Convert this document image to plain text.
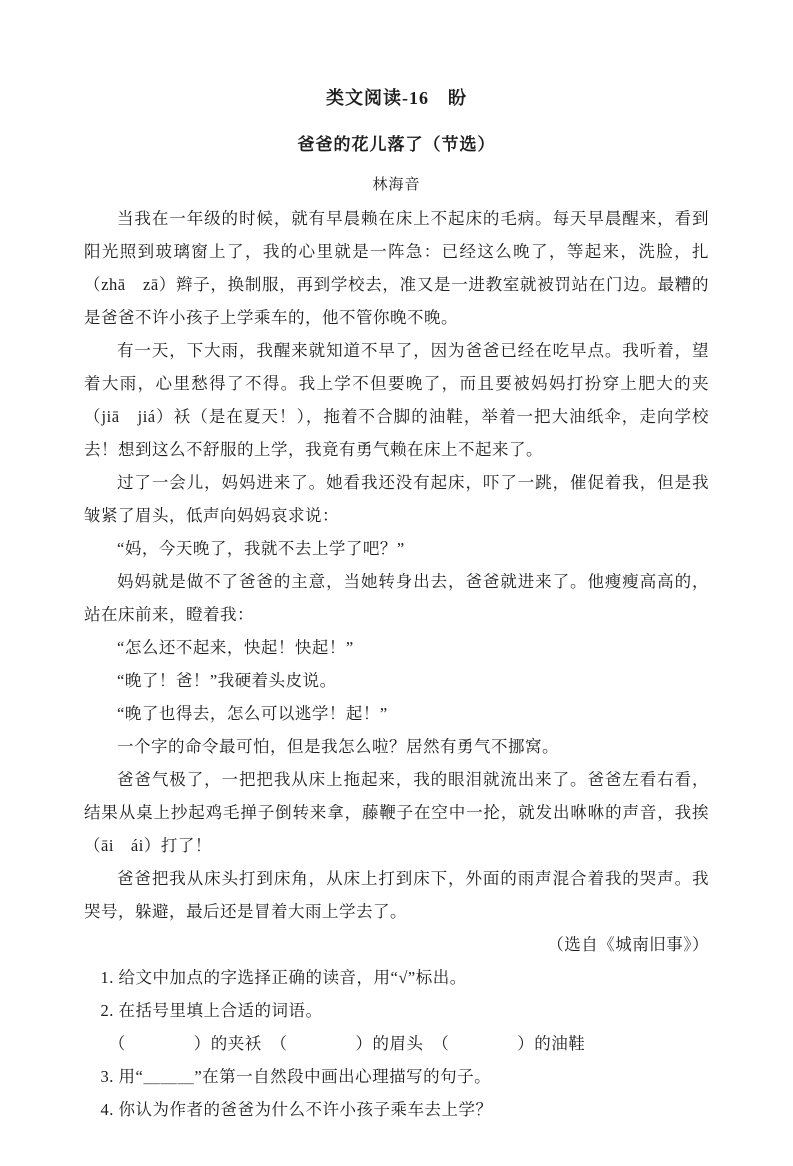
类文阅读-16　盼
爸爸的花儿落了（节选）
林海音

当我在一年级的时候，就有早晨赖在床上不起床的毛病。每天早晨醒来，看到阳光照到玻璃窗上了，我的心里就是一阵急：已经这么晚了，等起来，洗脸，扎（zhā　zā）辫子，换制服，再到学校去，准又是一进教室就被罚站在门边。最糟的是爸爸不许小孩子上学乘车的，他不管你晚不晚。

有一天，下大雨，我醒来就知道不早了，因为爸爸已经在吃早点。我听着，望着大雨，心里愁得了不得。我上学不但要晚了，而且要被妈妈打扮穿上肥大的夹（jiā　jiá）袄（是在夏天！），拖着不合脚的油鞋，举着一把大油纸伞，走向学校去！想到这么不舒服的上学，我竟有勇气赖在床上不起来了。

过了一会儿，妈妈进来了。她看我还没有起床，吓了一跳，催促着我，但是我皱紧了眉头，低声向妈妈哀求说：

“妈，今天晚了，我就不去上学了吧？”

妈妈就是做不了爸爸的主意，当她转身出去，爸爸就进来了。他瘦瘦高高的，站在床前来，瞪着我：

“怎么还不起来，快起！快起！”

“晚了！爸！”我硬着头皮说。

“晚了也得去，怎么可以逃学！起！”

一个字的命令最可怕，但是我怎么啦？居然有勇气不挪窝。

爸爸气极了，一把把我从床上拖起来，我的眼泪就流出来了。爸爸左看右看，结果从桌上抄起鸡毛掸子倒转来拿，藤鞭子在空中一抡，就发出咻咻的声音，我挨（āi　ái）打了！

爸爸把我从床头打到床角，从床上打到床下，外面的雨声混合着我的哭声。我哭号，躲避，最后还是冒着大雨上学去了。

（选自《城南旧事》）

1. 给文中加点的字选择正确的读音，用“√”标出。

2. 在括号里填上合适的词语。

（　　　　）的夹袄　（　　　　）的眉头　（　　　　）的油鞋

3. 用“＿＿＿”在第一自然段中画出心理描写的句子。

4. 你认为作者的爸爸为什么不许小孩子乘车去上学？
